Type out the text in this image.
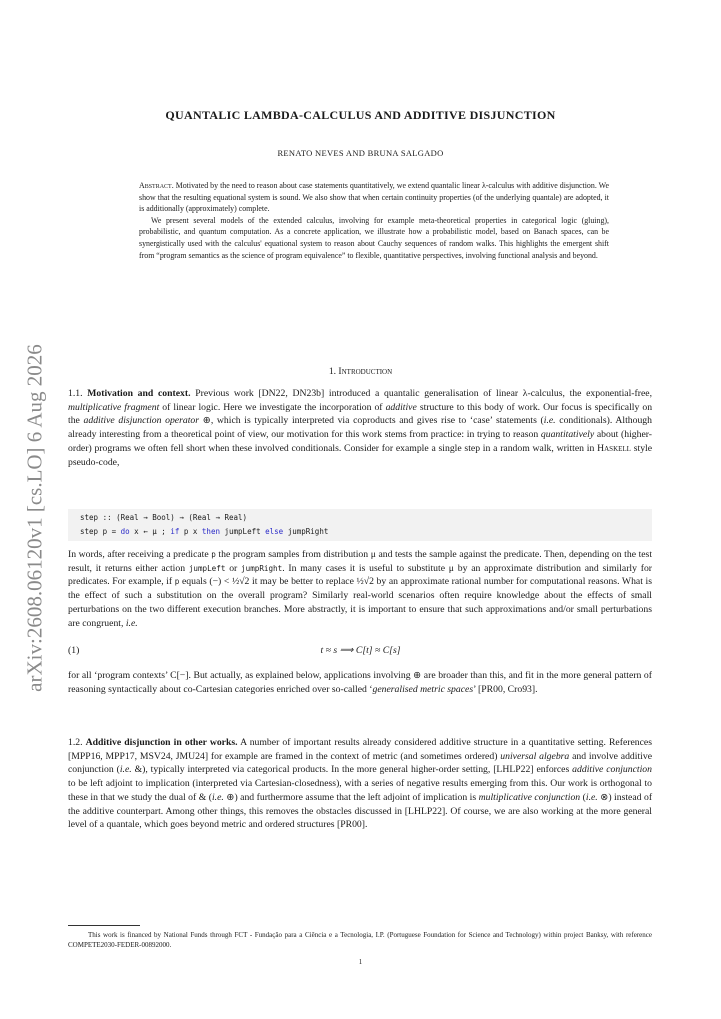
arXiv:2608.06120v1 [cs.LO] 6 Aug 2026
QUANTALIC LAMBDA-CALCULUS AND ADDITIVE DISJUNCTION
RENATO NEVES AND BRUNA SALGADO

Abstract. Motivated by the need to reason about case statements quantitatively, we extend quantalic linear λ-calculus with additive disjunction. We show that the resulting equational system is sound. We also show that when certain continuity properties (of the underlying quantale) are adopted, it is additionally (approximately) complete.

We present several models of the extended calculus, involving for example meta-theoretical properties in categorical logic (gluing), probabilistic, and quantum computation. As a concrete application, we illustrate how a probabilistic model, based on Banach spaces, can be synergistically used with the calculus' equational system to reason about Cauchy sequences of random walks. This highlights the emergent shift from “program semantics as the science of program equivalence” to flexible, quantitative perspectives, involving functional analysis and beyond.

1. Introduction

1.1. Motivation and context. Previous work [DN22, DN23b] introduced a quantalic generalisation of linear λ-calculus, the exponential-free, multiplicative fragment of linear logic. Here we investigate the incorporation of additive structure to this body of work. Our focus is specifically on the additive disjunction operator ⊕, which is typically interpreted via coproducts and gives rise to ‘case’ statements (i.e. conditionals). Although already interesting from a theoretical point of view, our motivation for this work stems from practice: in trying to reason quantitatively about (higher-order) programs we often fell short when these involved conditionals. Consider for example a single step in a random walk, written in Haskell style pseudo-code,

step :: (Real → Bool) → (Real → Real)
step p = do x ← μ ; if p x then jumpLeft else jumpRight

In words, after receiving a predicate p the program samples from distribution μ and tests the sample against the predicate. Then, depending on the test result, it returns either action jumpLeft or jumpRight. In many cases it is useful to substitute μ by an approximate distribution and similarly for predicates. For example, if p equals (−) < ½√2 it may be better to replace ½√2 by an approximate rational number for computational reasons. What is the effect of such a substitution on the overall program? Similarly real-world scenarios often require knowledge about the effects of small perturbations on the two different execution branches. More abstractly, it is important to ensure that such approximations and/or small perturbations are congruent, i.e.

(1)	t ≈ s ⟹ C[t] ≈ C[s]

for all ‘program contexts’ C[−]. But actually, as explained below, applications involving ⊕ are broader than this, and fit in the more general pattern of reasoning syntactically about co-Cartesian categories enriched over so-called ‘generalised metric spaces’ [PR00, Cro93].

1.2. Additive disjunction in other works. A number of important results already considered additive structure in a quantitative setting. References [MPP16, MPP17, MSV24, JMU24] for example are framed in the context of metric (and sometimes ordered) universal algebra and involve additive conjunction (i.e. &), typically interpreted via categorical products. In the more general higher-order setting, [LHLP22] enforces additive conjunction to be left adjoint to implication (interpreted via Cartesian-closedness), with a series of negative results emerging from this. Our work is orthogonal to these in that we study the dual of & (i.e. ⊕) and furthermore assume that the left adjoint of implication is multiplicative conjunction (i.e. ⊗) instead of the additive counterpart. Among other things, this removes the obstacles discussed in [LHLP22]. Of course, we are also working at the more general level of a quantale, which goes beyond metric and ordered structures [PR00].

This work is financed by National Funds through FCT - Fundação para a Ciência e a Tecnologia, I.P. (Portuguese Foundation for Science and Technology) within project Banksy, with reference COMPETE2030-FEDER-00892000.
1
